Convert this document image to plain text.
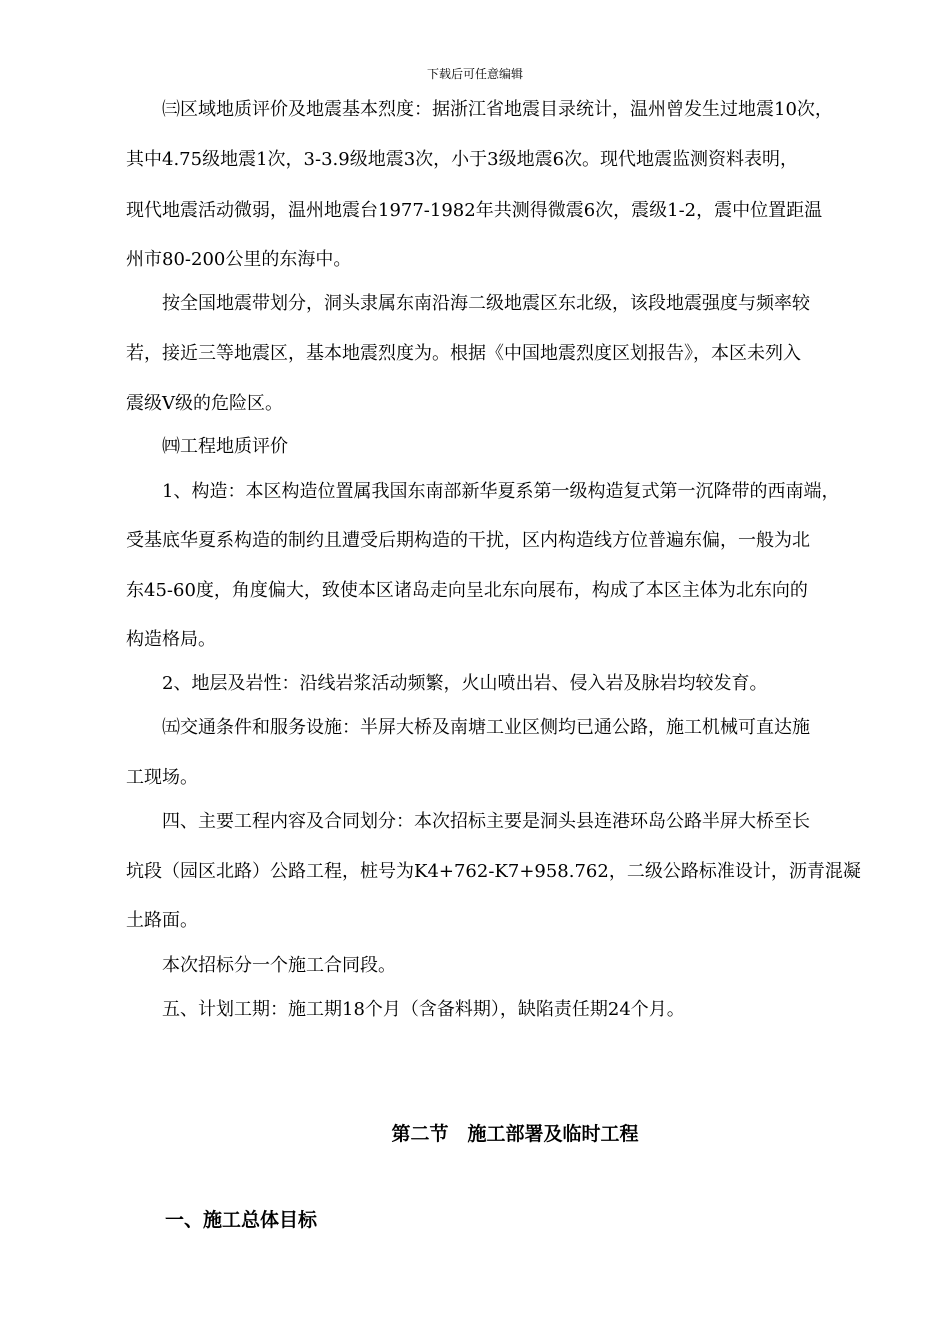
下载后可任意编辑
㈢区域地质评价及地震基本烈度：据浙江省地震目录统计，温州曾发生过地震10次，
其中4.75级地震1次，3-3.9级地震3次，小于3级地震6次。现代地震监测资料表明，
现代地震活动微弱，温州地震台1977-1982年共测得微震6次，震级1-2，震中位置距温
州市80-200公里的东海中。
按全国地震带划分，洞头隶属东南沿海二级地震区东北级，该段地震强度与频率较
若，接近三等地震区，基本地震烈度为。根据《中国地震烈度区划报告》，本区未列入
震级Ⅴ级的危险区。
㈣工程地质评价
1、构造：本区构造位置属我国东南部新华夏系第一级构造复式第一沉降带的西南端，
受基底华夏系构造的制约且遭受后期构造的干扰，区内构造线方位普遍东偏，一般为北
东45-60度，角度偏大，致使本区诸岛走向呈北东向展布，构成了本区主体为北东向的
构造格局。
2、地层及岩性：沿线岩浆活动频繁，火山喷出岩、侵入岩及脉岩均较发育。
㈤交通条件和服务设施：半屏大桥及南塘工业区侧均已通公路，施工机械可直达施
工现场。
四、主要工程内容及合同划分：本次招标主要是洞头县连港环岛公路半屏大桥至长
坑段（园区北路）公路工程，桩号为K4+762-K7+958.762，二级公路标准设计，沥青混凝
土路面。
本次招标分一个施工合同段。
五、计划工期：施工期18个月（含备料期），缺陷责任期24个月。
第二节　施工部署及临时工程
一、施工总体目标
